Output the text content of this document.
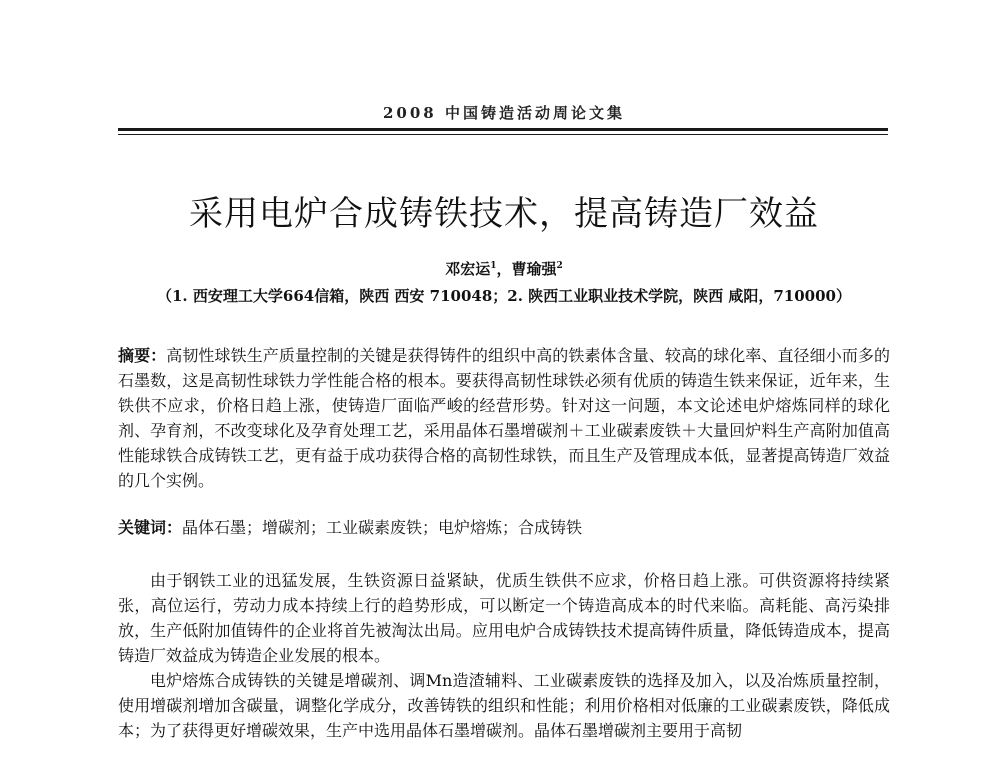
2008 中国铸造活动周论文集
采用电炉合成铸铁技术，提高铸造厂效益
邓宏运$^1$，曹瑜强$^2$
（1. 西安理工大学664信箱，陕西 西安 710048；2. 陕西工业职业技术学院，陕西 咸阳，710000）
摘要：高韧性球铁生产质量控制的关键是获得铸件的组织中高的铁素体含量、较高的球化率、直径细小而多的石墨数，这是高韧性球铁力学性能合格的根本。要获得高韧性球铁必须有优质的铸造生铁来保证，近年来，生铁供不应求，价格日趋上涨，使铸造厂面临严峻的经营形势。针对这一问题，本文论述电炉熔炼同样的球化剂、孕育剂，不改变球化及孕育处理工艺，采用晶体石墨增碳剂＋工业碳素废铁＋大量回炉料生产高附加值高性能球铁合成铸铁工艺，更有益于成功获得合格的高韧性球铁，而且生产及管理成本低，显著提高铸造厂效益的几个实例。
关键词：晶体石墨；增碳剂；工业碳素废铁；电炉熔炼；合成铸铁

由于钢铁工业的迅猛发展，生铁资源日益紧缺，优质生铁供不应求，价格日趋上涨。可供资源将持续紧张，高位运行，劳动力成本持续上行的趋势形成，可以断定一个铸造高成本的时代来临。高耗能、高污染排放，生产低附加值铸件的企业将首先被淘汰出局。应用电炉合成铸铁技术提高铸件质量，降低铸造成本，提高铸造厂效益成为铸造企业发展的根本。

电炉熔炼合成铸铁的关键是增碳剂、调Mn造渣辅料、工业碳素废铁的选择及加入，以及冶炼质量控制，使用增碳剂增加含碳量，调整化学成分，改善铸铁的组织和性能；利用价格相对低廉的工业碳素废铁，降低成本；为了获得更好增碳效果，生产中选用晶体石墨增碳剂。晶体石墨增碳剂主要用于高韧
